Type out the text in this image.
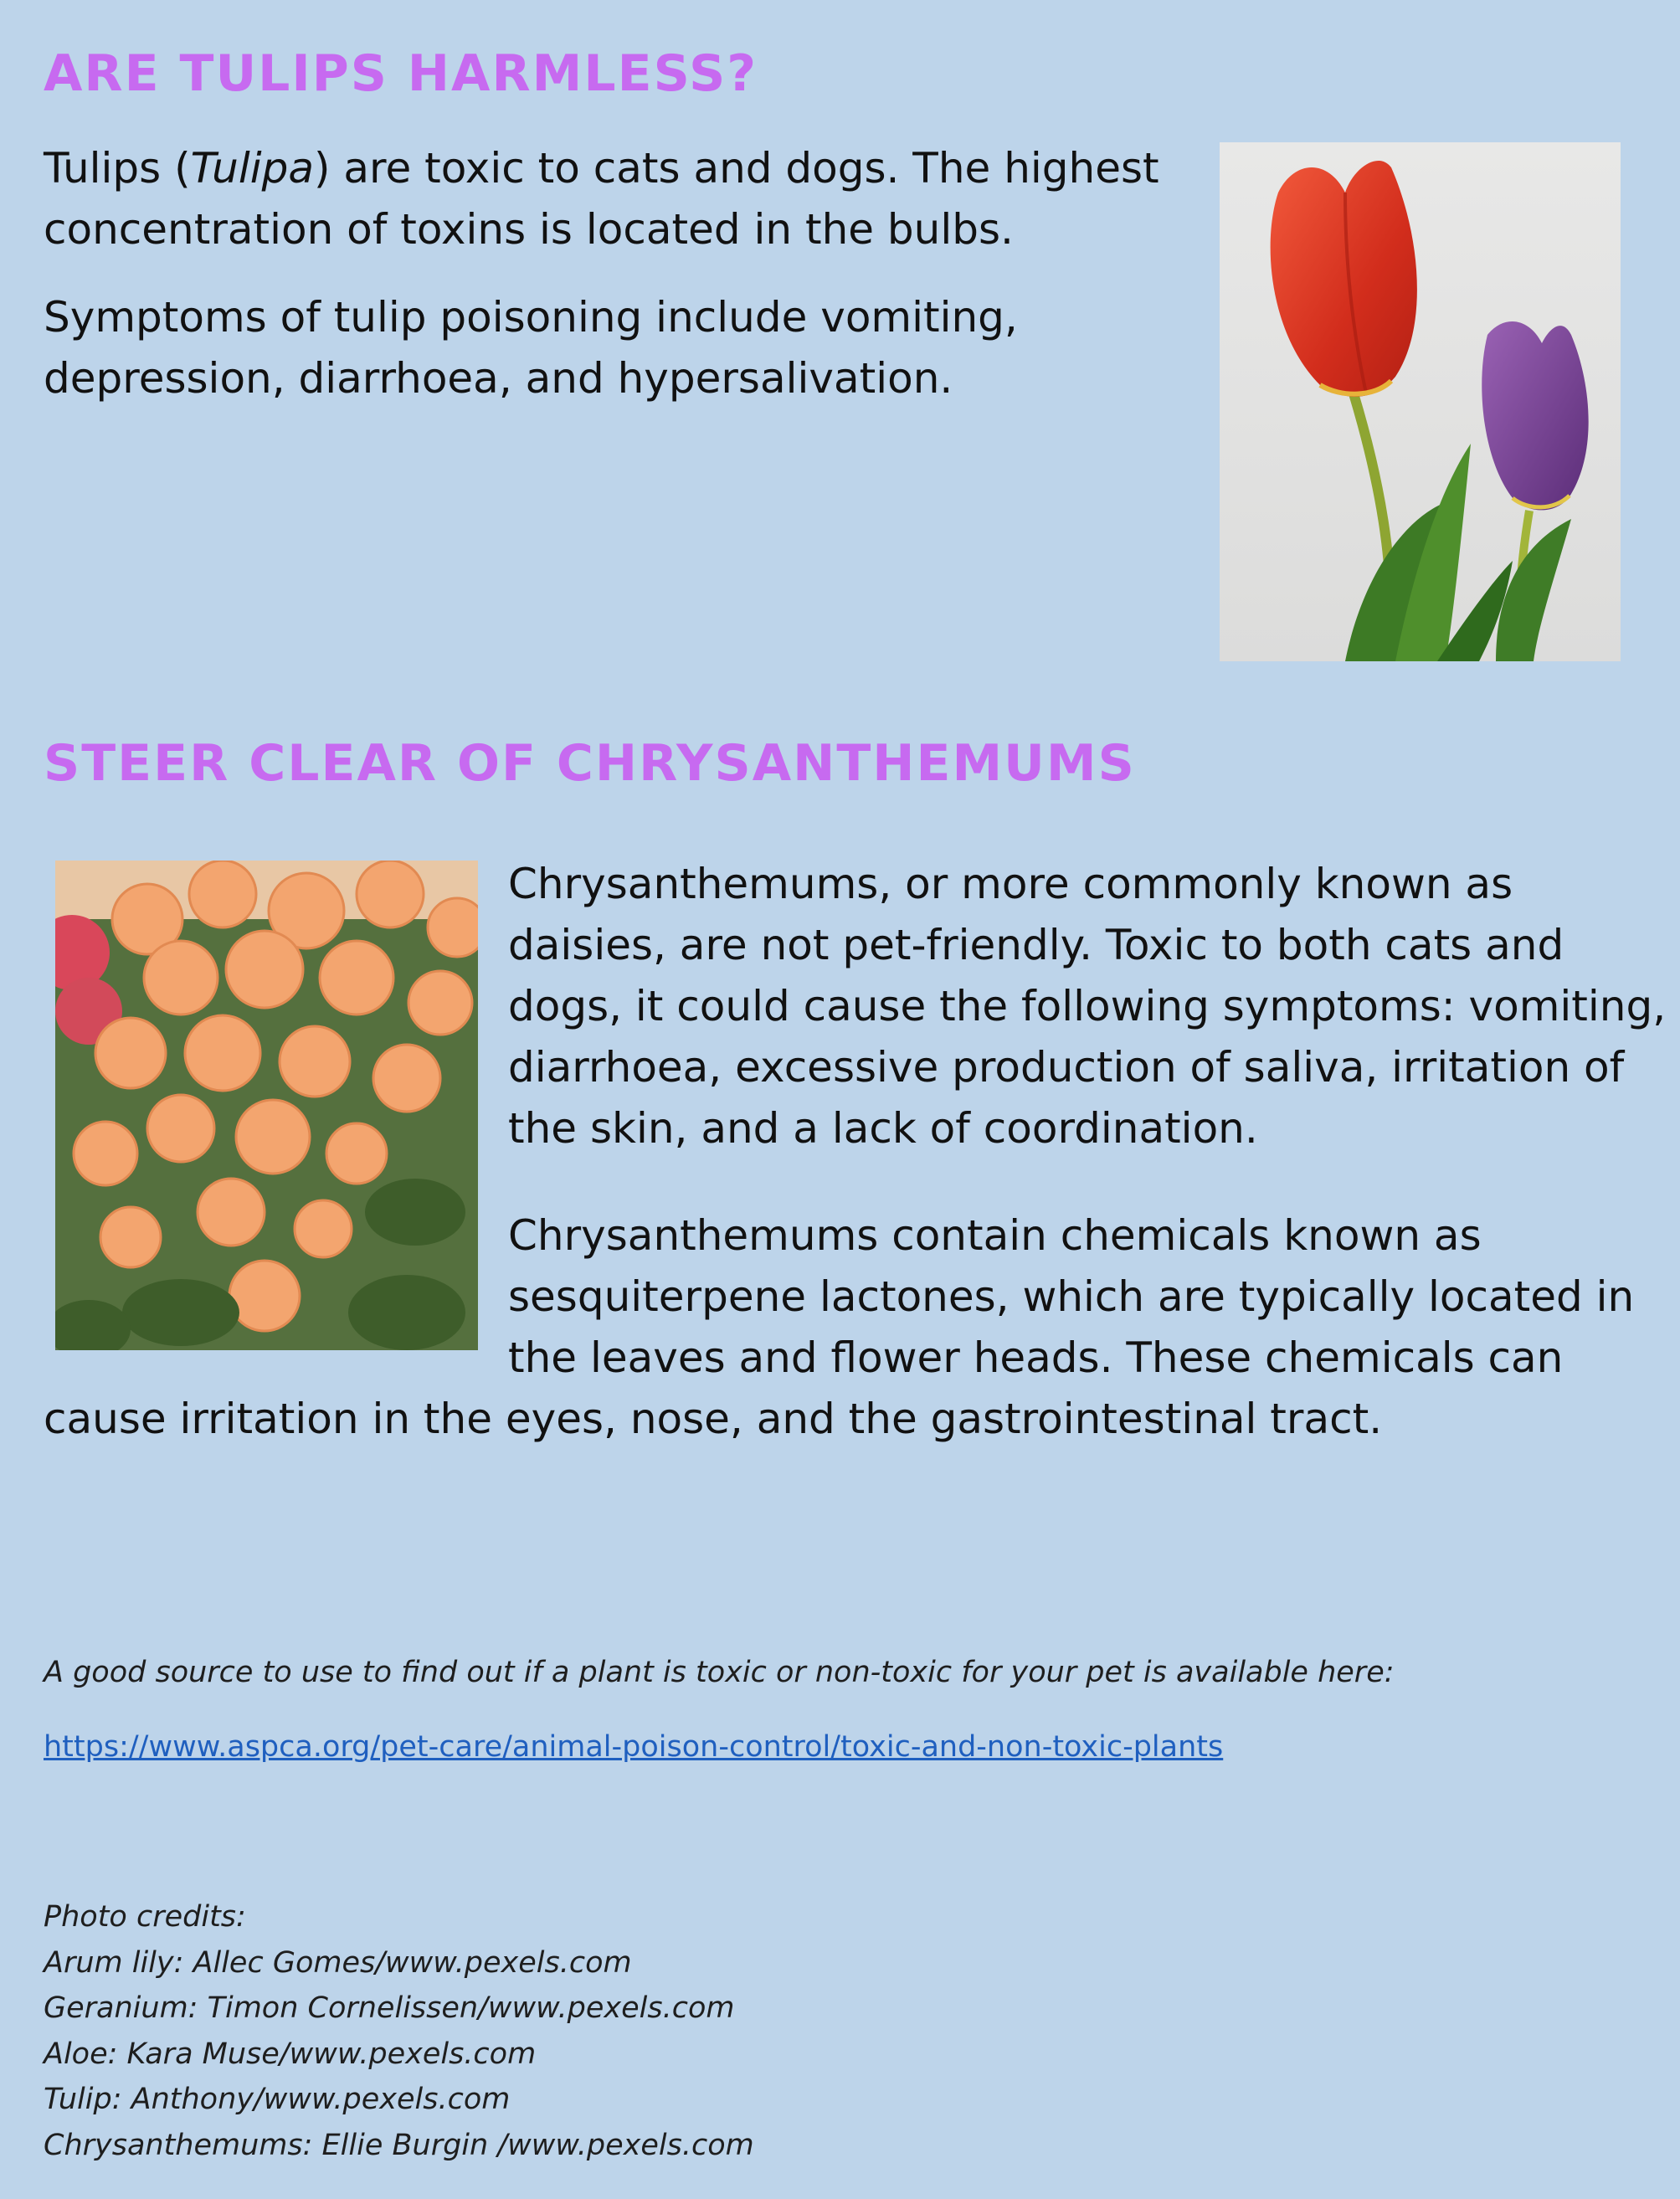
ARE TULIPS HARMLESS?

Tulips (Tulipa) are toxic to cats and dogs. The highest concentration of toxins is located in the bulbs.

Symptoms of tulip poisoning include vomiting, depression, diarrhoea, and hypersalivation.

STEER CLEAR OF CHRYSANTHEMUMS

Chrysanthemums, or more commonly known as daisies, are not pet-friendly. Toxic to both cats and dogs, it could cause the following symptoms: vomiting, diarrhoea, excessive production of saliva, irritation of the skin, and a lack of coordination.

Chrysanthemums contain chemicals known as sesquiterpene lactones, which are typically located in the leaves and flower heads. These chemicals can cause irritation in the eyes, nose, and the gastrointestinal tract.

A good source to use to find out if a plant is toxic or non-toxic for your pet is available here:

https://www.aspca.org/pet-care/animal-poison-control/toxic-and-non-toxic-plants
Photo credits:
Arum lily: Allec Gomes/www.pexels.com
Geranium: Timon Cornelissen/www.pexels.com
Aloe: Kara Muse/www.pexels.com
Tulip: Anthony/www.pexels.com
Chrysanthemums: Ellie Burgin /www.pexels.com
